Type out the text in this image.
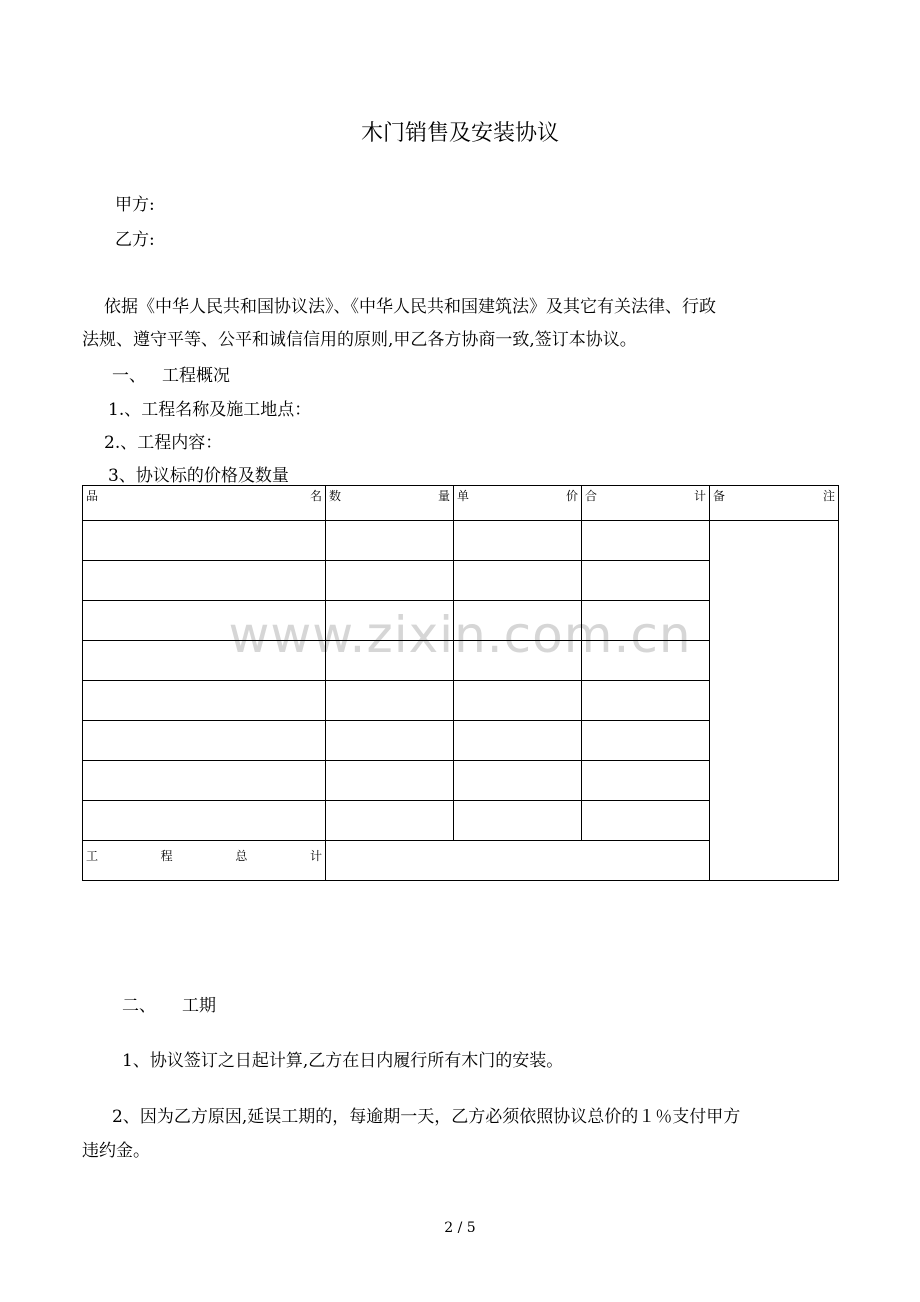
木门销售及安装协议
甲方:
乙方:
依据《中华人民共和国协议法》、《中华人民共和国建筑法》及其它有关法律、行政
法规、遵守平等、公平和诚信信用的原则,甲乙各方协商一致,签订本协议。
一、 工程概况
1.、工程名称及施工地点：
2.、工程内容：
3、协议标的价格及数量
www.zixin.com.cn
品 名	数 量	单 价	合 计	备 注

工 程 总 计				

二、 工期
1、协议签订之日起计算,乙方在日内履行所有木门的安装。
2、因为乙方原因,延误工期的，每逾期一天，乙方必须依照协议总价的１％支付甲方
违约金。
2 / 5
